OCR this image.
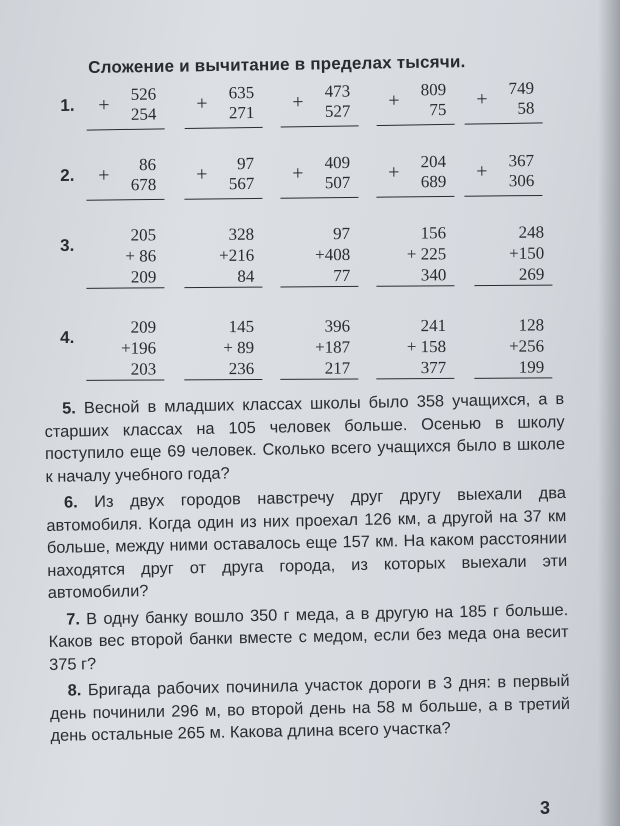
Сложение и вычитание в пределах тысячи.
1.
526
+ 254
635
+ 271
473
+ 527
809
+ 75
749
+ 58
2.
86
+ 678
97
+ 567
409
+ 507
204
+ 689
367
+ 306
3.
205
+ 86
209
328
+216
84
97
+408
77
156
+ 225
340
248
+150
269
4.
209
+196
203
145
+ 89
236
396
+187
217
241
+ 158
377
128
+256
199

5. Весной в младших классах школы было 358 учащихся, а в старших классах на 105 человек больше. Осенью в школу поступило еще 69 человек. Сколько всего учащихся было в школе к началу учебного года?

6. Из двух городов навстречу друг другу выехали два автомобиля. Когда один из них проехал 126 км, а другой на 37 км больше, между ними оставалось еще 157 км. На каком расстоянии находятся друг от друга города, из которых выехали эти автомобили?

7. В одну банку вошло 350 г меда, а в другую на 185 г больше. Каков вес второй банки вместе с медом, если без меда она весит 375 г?

8. Бригада рабочих починила участок дороги в 3 дня: в первый день починили 296 м, во второй день на 58 м больше, а в третий день остальные 265 м. Какова длина всего участка?

3
